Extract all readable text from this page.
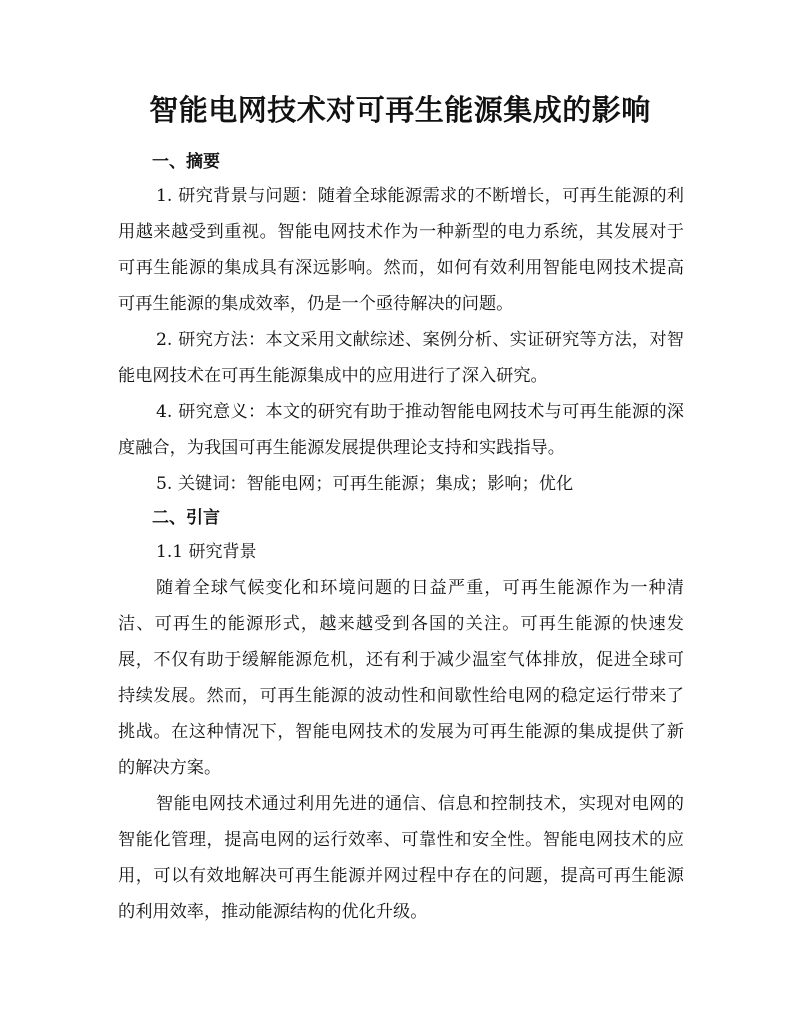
智能电网技术对可再生能源集成的影响

一、摘要

1. 研究背景与问题：随着全球能源需求的不断增长，可再生能源的利用越来越受到重视。智能电网技术作为一种新型的电力系统，其发展对于可再生能源的集成具有深远影响。然而，如何有效利用智能电网技术提高可再生能源的集成效率，仍是一个亟待解决的问题。

2. 研究方法：本文采用文献综述、案例分析、实证研究等方法，对智能电网技术在可再生能源集成中的应用进行了深入研究。

4. 研究意义：本文的研究有助于推动智能电网技术与可再生能源的深度融合，为我国可再生能源发展提供理论支持和实践指导。

5. 关键词：智能电网；可再生能源；集成；影响；优化

二、引言

1.1 研究背景

随着全球气候变化和环境问题的日益严重，可再生能源作为一种清洁、可再生的能源形式，越来越受到各国的关注。可再生能源的快速发展，不仅有助于缓解能源危机，还有利于减少温室气体排放，促进全球可持续发展。然而，可再生能源的波动性和间歇性给电网的稳定运行带来了挑战。在这种情况下，智能电网技术的发展为可再生能源的集成提供了新的解决方案。

智能电网技术通过利用先进的通信、信息和控制技术，实现对电网的智能化管理，提高电网的运行效率、可靠性和安全性。智能电网技术的应用，可以有效地解决可再生能源并网过程中存在的问题，提高可再生能源的利用效率，推动能源结构的优化升级。
